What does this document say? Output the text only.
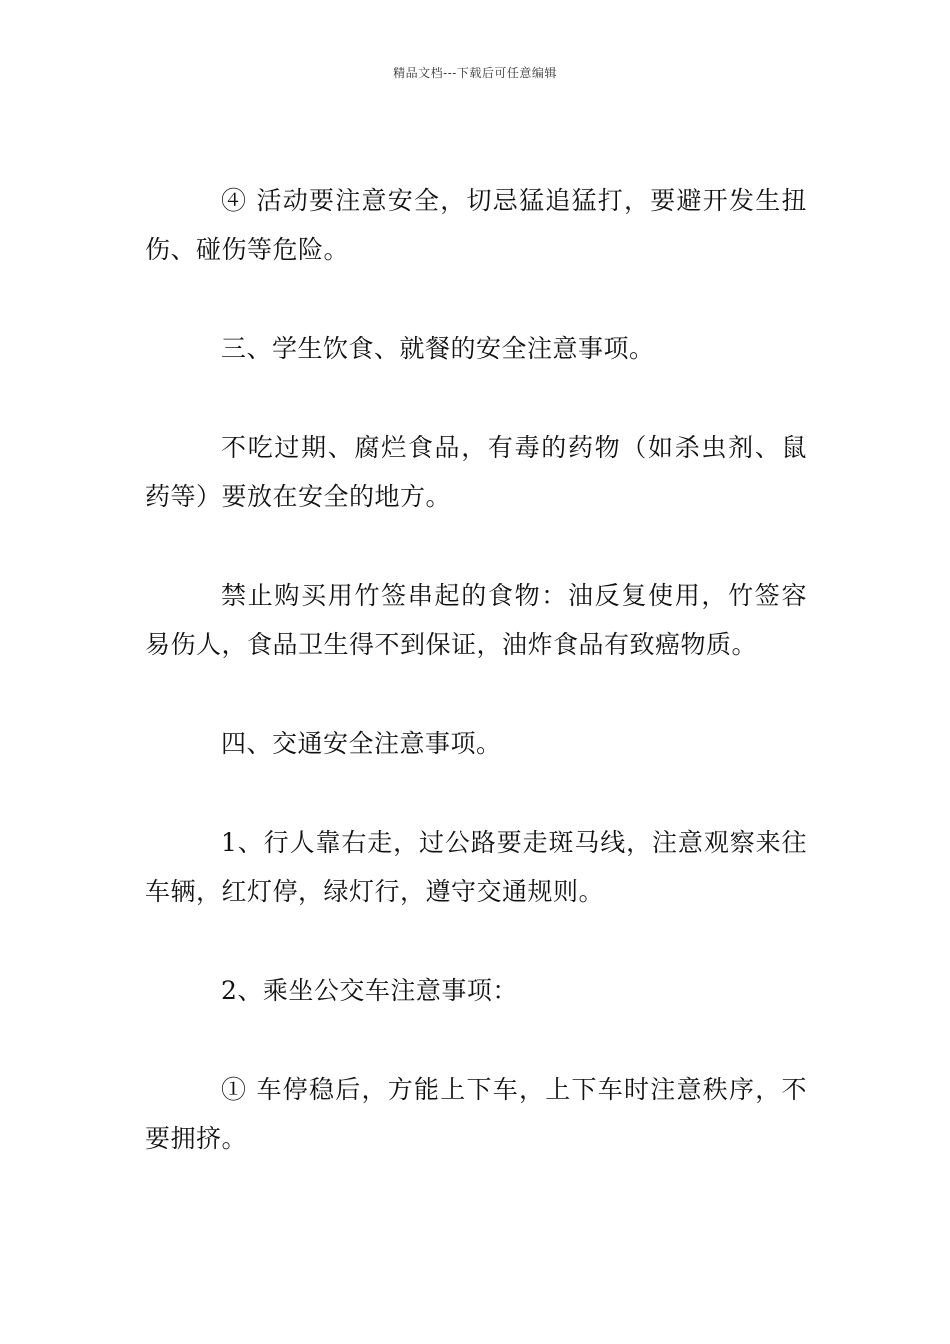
精品文档---下载后可任意编辑

④ 活动要注意安全，切忌猛追猛打，要避开发生扭伤、碰伤等危险。

三、学生饮食、就餐的安全注意事项。

不吃过期、腐烂食品，有毒的药物（如杀虫剂、鼠药等）要放在安全的地方。

禁止购买用竹签串起的食物：油反复使用，竹签容易伤人，食品卫生得不到保证，油炸食品有致癌物质。

四、交通安全注意事项。

1、行人靠右走，过公路要走斑马线，注意观察来往车辆，红灯停，绿灯行，遵守交通规则。

2、乘坐公交车注意事项：

① 车停稳后，方能上下车，上下车时注意秩序，不要拥挤。
